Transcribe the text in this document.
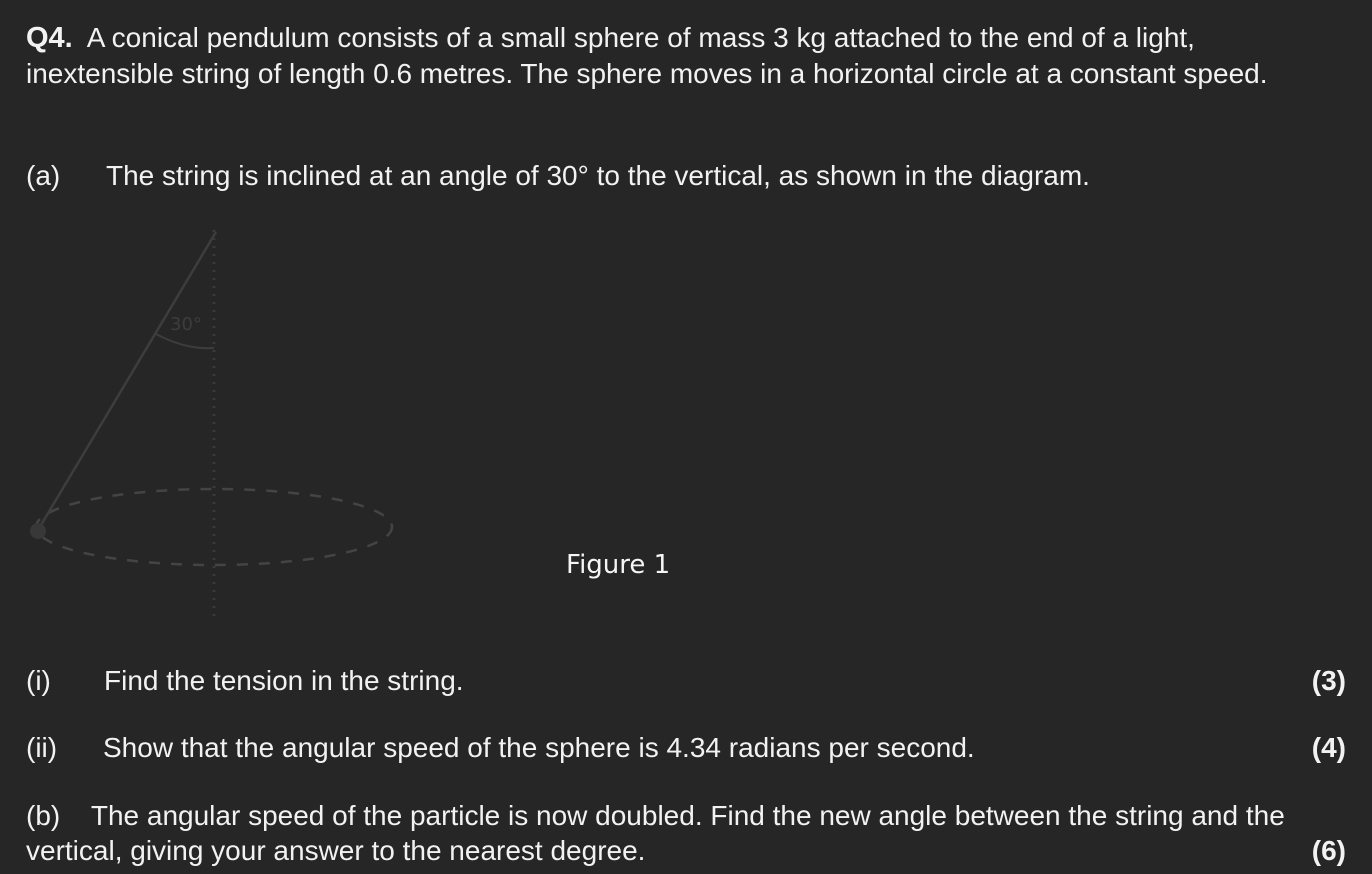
Q4. A conical pendulum consists of a small sphere of mass 3 kg attached to the end of a light, inextensible string of length 0.6 metres. The sphere moves in a horizontal circle at a constant speed.

(a) The string is inclined at an angle of 30° to the vertical, as shown in the diagram.
30°
Figure 1
(i) Find the tension in the string.	(3)
(ii) Show that the angular speed of the sphere is 4.34 radians per second.	(4)

(b) The angular speed of the particle is now doubled. Find the new angle between the string and the vertical, giving your answer to the nearest degree.	(6)
